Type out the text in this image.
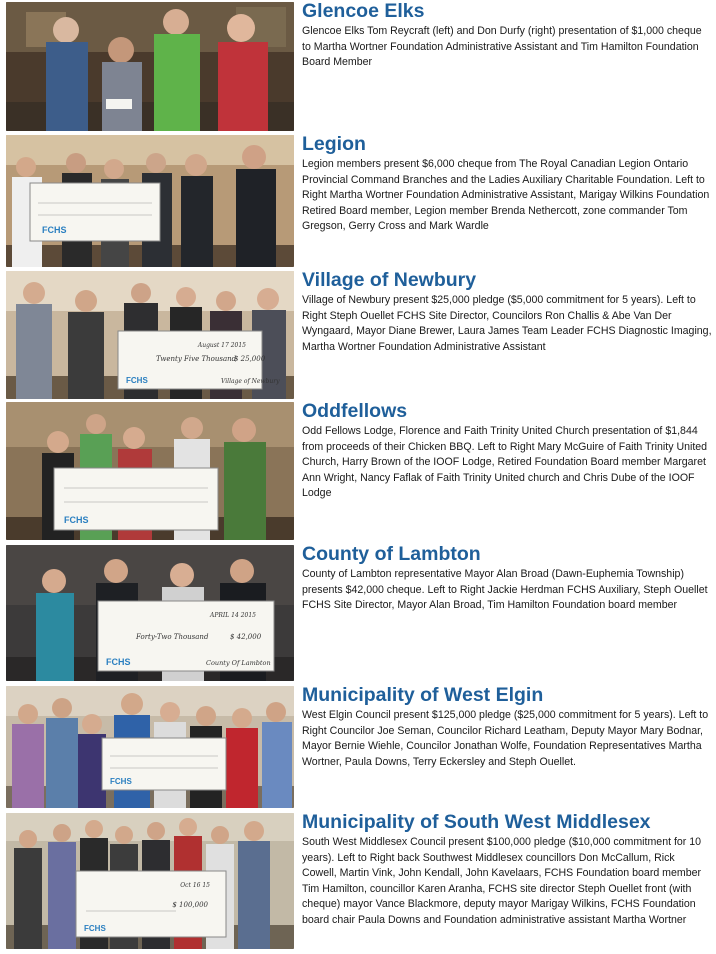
Glencoe Elks

Glencoe Elks Tom Reycraft (left) and Don Durfy (right) presentation of $1,000 cheque to Martha Wortner Foundation Administrative Assistant and Tim Hamilton Foundation Board Member

FCHS
Legion

Legion members present $6,000 cheque from The Royal Canadian Legion Ontario Provincial Command Branches and the Ladies Auxiliary Charitable Foundation. Left to Right Martha Wortner Foundation Administrative Assistant, Marigay Wilkins Foundation Retired Board member, Legion member Brenda Nethercott, zone commander Tom Gregson, Gerry Cross and Mark Wardle

August 17 2015
Twenty Five Thousand
$ 25,000
FCHS	Village of Newbury
Village of Newbury

Village of Newbury present $25,000 pledge ($5,000 commitment for 5 years). Left to Right Steph Ouellet FCHS Site Director, Councilors Ron Challis & Abe Van Der Wyngaard, Mayor Diane Brewer, Laura James Team Leader FCHS Diagnostic Imaging, Martha Wortner Foundation Administrative Assistant

FCHS
Oddfellows

Odd Fellows Lodge, Florence and Faith Trinity United Church presentation of $1,844 from proceeds of their Chicken BBQ. Left to Right Mary McGuire of Faith Trinity United Church, Harry Brown of the IOOF Lodge, Retired Foundation Board member Margaret Ann Wright, Nancy Faflak of Faith Trinity United church and Chris Dube of the IOOF Lodge

APRIL 14 2015
Forty-Two Thousand	$ 42,000
FCHS	County Of Lambton
County of Lambton

County of Lambton representative Mayor Alan Broad (Dawn-Euphemia Township) presents $42,000 cheque. Left to Right Jackie Herdman FCHS Auxiliary, Steph Ouellet FCHS Site Director, Mayor Alan Broad, Tim Hamilton Foundation board member

FCHS
Municipality of West Elgin

West Elgin Council present $125,000 pledge ($25,000 commitment for 5 years). Left to Right Councilor Joe Seman, Councilor Richard Leatham, Deputy Mayor Mary Bodnar, Mayor Bernie Wiehle, Councilor Jonathan Wolfe, Foundation Representatives Martha Wortner, Paula Downs, Terry Eckersley and Steph Ouellet.

Oct 16 15
$ 100,000
FCHS
Municipality of South West Middlesex

South West Middlesex Council present $100,000 pledge ($10,000 commitment for 10 years). Left to Right back Southwest Middlesex councillors Don McCallum, Rick Cowell, Martin Vink, John Kendall, John Kavelaars, FCHS Foundation board member Tim Hamilton, councillor Karen Aranha, FCHS site director Steph Ouellet front (with cheque) mayor Vance Blackmore, deputy mayor Marigay Wilkins, FCHS Foundation board chair Paula Downs and Foundation administrative assistant Martha Wortner
